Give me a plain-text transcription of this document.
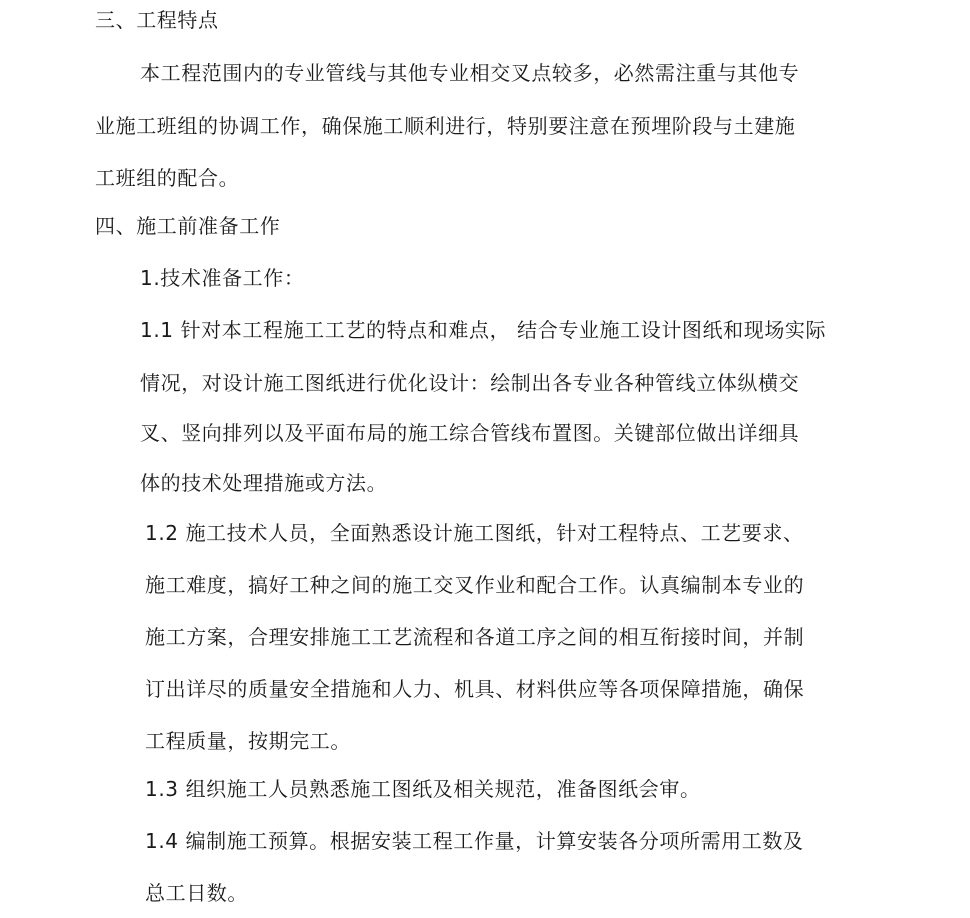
三、工程特点
本工程范围内的专业管线与其他专业相交叉点较多，必然需注重与其他专
业施工班组的协调工作，确保施工顺利进行，特别要注意在预埋阶段与土建施
工班组的配合。
四、施工前准备工作
1.技术准备工作：
1.1 针对本工程施工工艺的特点和难点， 结合专业施工设计图纸和现场实际
情况，对设计施工图纸进行优化设计：绘制出各专业各种管线立体纵横交
叉、竖向排列以及平面布局的施工综合管线布置图。关键部位做出详细具
体的技术处理措施或方法。
1.2 施工技术人员，全面熟悉设计施工图纸，针对工程特点、工艺要求、
施工难度，搞好工种之间的施工交叉作业和配合工作。认真编制本专业的
施工方案，合理安排施工工艺流程和各道工序之间的相互衔接时间，并制
订出详尽的质量安全措施和人力、机具、材料供应等各项保障措施，确保
工程质量，按期完工。
1.3 组织施工人员熟悉施工图纸及相关规范，准备图纸会审。
1.4 编制施工预算。根据安装工程工作量，计算安装各分项所需用工数及
总工日数。
